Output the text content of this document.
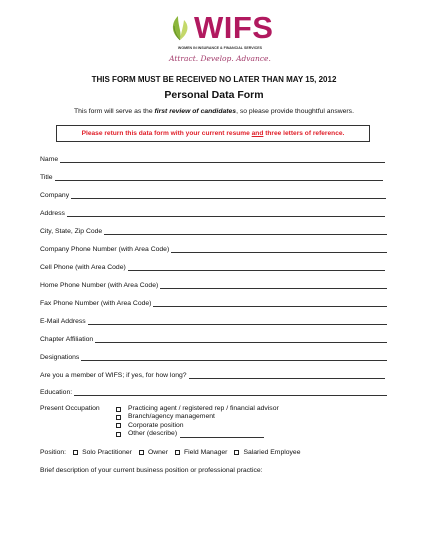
WIFS
WOMEN IN INSURANCE & FINANCIAL SERVICES
Attract. Develop. Advance.
THIS FORM MUST BE RECEIVED NO LATER THAN MAY 15, 2012
Personal Data Form
This form will serve as the first review of candidates, so please provide thoughtful answers.
Please return this data form with your current resume and three letters of reference.
Name
Title
Company
Address
City, State, Zip Code
Company Phone Number (with Area Code)
Cell Phone (with Area Code)
Home Phone Number (with Area Code)
Fax Phone Number (with Area Code)
E-Mail Address
Chapter Affiliation
Designations
Are you a member of WIFS; if yes, for how long?
Education:
Present Occupation	Practicing agent / registered rep / financial advisor
Branch/agency management
Corporate position
Other (describe)
Position: Solo Practitioner Owner Field Manager Salaried Employee
Brief description of your current business position or professional practice:
